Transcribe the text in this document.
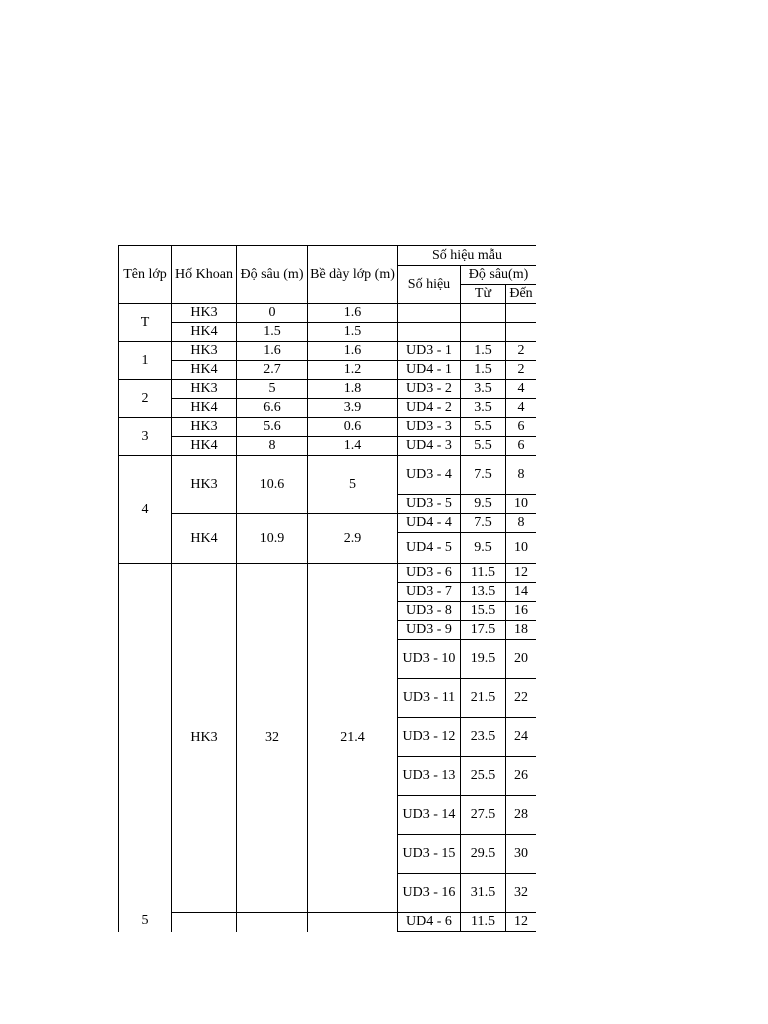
Tên lớp	Hố Khoan	Độ sâu (m)	Bề dày lớp (m)	Số hiệu mẫu		
				Số hiệu	Độ sâu(m)	
					Từ	Đến
T	HK3	0	1.6			
	HK4	1.5	1.5			
1	HK3	1.6	1.6	UD3 - 1	1.5	2
	HK4	2.7	1.2	UD4 - 1	1.5	2
2	HK3	5	1.8	UD3 - 2	3.5	4
	HK4	6.6	3.9	UD4 - 2	3.5	4
3	HK3	5.6	0.6	UD3 - 3	5.5	6
	HK4	8	1.4	UD4 - 3	5.5	6
4	HK3	10.6	5	UD3 - 4	7.5	8
				UD3 - 5	9.5	10
	HK4	10.9	2.9	UD4 - 4	7.5	8
				UD4 - 5	9.5	10
5	HK3	32	21.4	UD3 - 6	11.5	12
				UD3 - 7	13.5	14
				UD3 - 8	15.5	16
				UD3 - 9	17.5	18
				UD3 - 10	19.5	20
				UD3 - 11	21.5	22
				UD3 - 12	23.5	24
				UD3 - 13	25.5	26
				UD3 - 14	27.5	28
				UD3 - 15	29.5	30
				UD3 - 16	31.5	32
				UD4 - 6	11.5	12
